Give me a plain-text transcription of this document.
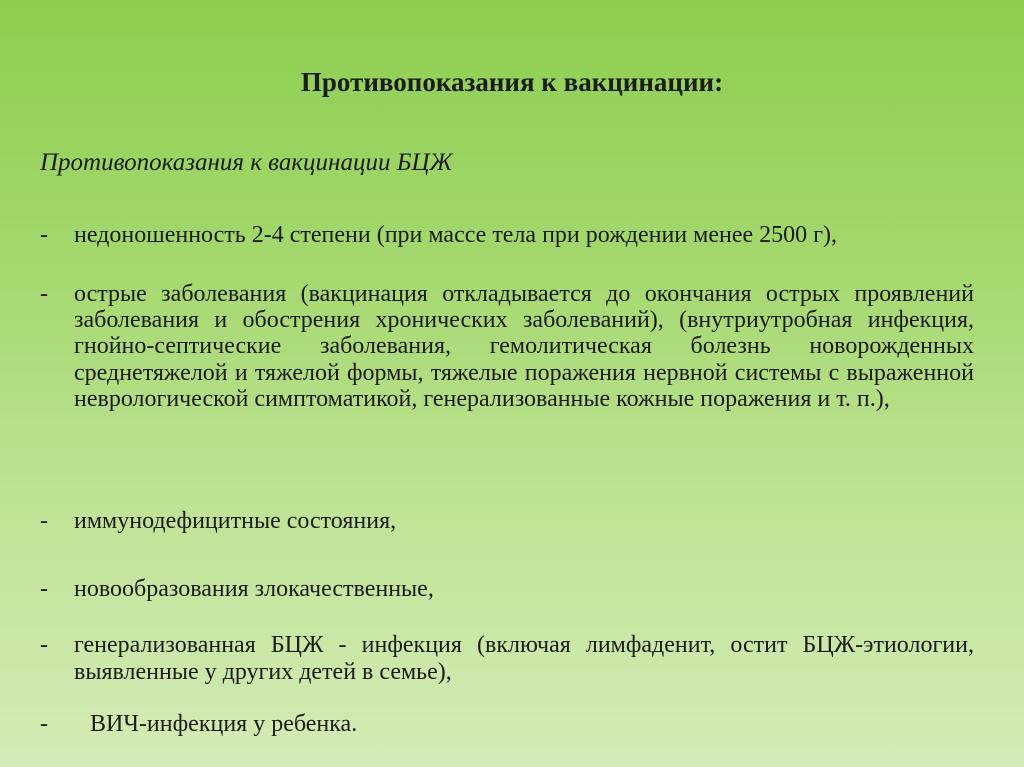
Противопоказания к вакцинации:
Противопоказания к вакцинации БЦЖ
- недоношенность 2-4 степени (при массе тела при рождении менее 2500 г),
- острые заболевания (вакцинация откладывается до окончания острых проявлений заболевания и обострения хронических заболеваний), (внутриутробная инфекция, гнойно-септические заболевания, гемолитическая болезнь новорожденных среднетяжелой и тяжелой формы, тяжелые поражения нервной системы с выраженной неврологической симптоматикой, генерализованные кожные поражения и т. п.),
- иммунодефицитные состояния,
- новообразования злокачественные,
- генерализованная БЦЖ - инфекция (включая лимфаденит, остит БЦЖ-этиологии, выявленные у других детей в семье),
- ВИЧ-инфекция у ребенка.
